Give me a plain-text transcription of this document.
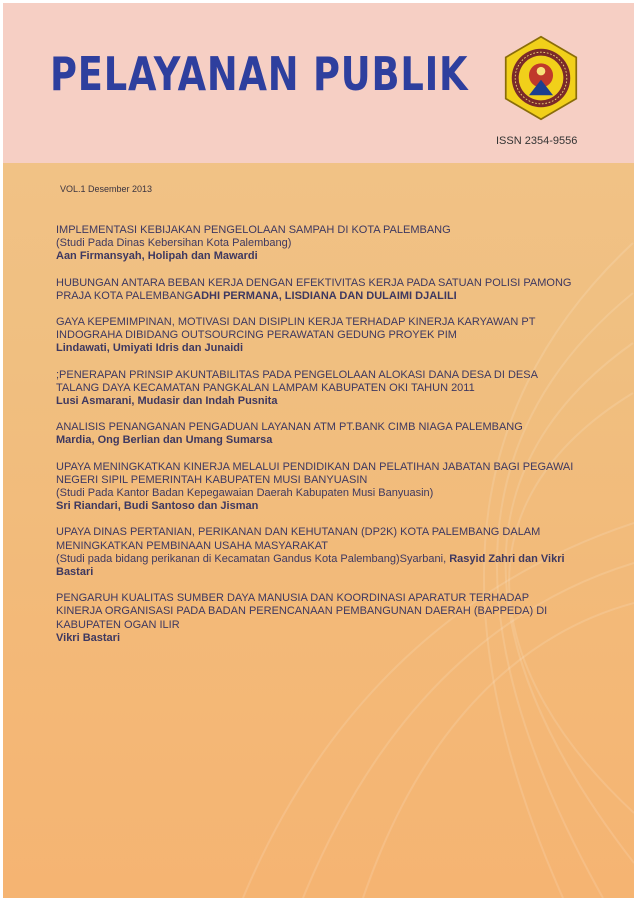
PELAYANAN PUBLIK
ISSN 2354-9556
VOL.1 Desember 2013
IMPLEMENTASI KEBIJAKAN PENGELOLAAN SAMPAH DI KOTA PALEMBANG
(Studi Pada Dinas Kebersihan Kota Palembang)
Aan Firmansyah, Holipah dan Mawardi
HUBUNGAN ANTARA BEBAN KERJA DENGAN EFEKTIVITAS KERJA PADA SATUAN POLISI PAMONG PRAJA KOTA PALEMBANGADHI PERMANA, LISDIANA DAN DULAIMI DJALILI
GAYA KEPEMIMPINAN, MOTIVASI DAN DISIPLIN KERJA TERHADAP KINERJA KARYAWAN PT INDOGRAHA DIBIDANG OUTSOURCING PERAWATAN GEDUNG PROYEK PIM
Lindawati, Umiyati Idris dan Junaidi
;PENERAPAN PRINSIP AKUNTABILITAS PADA PENGELOLAAN ALOKASI DANA DESA DI DESA TALANG DAYA KECAMATAN PANGKALAN LAMPAM KABUPATEN OKI TAHUN 2011
Lusi Asmarani, Mudasir dan Indah Pusnita
ANALISIS PENANGANAN PENGADUAN LAYANAN ATM PT.BANK CIMB NIAGA PALEMBANG
Mardia, Ong Berlian dan Umang Sumarsa
UPAYA MENINGKATKAN KINERJA MELALUI PENDIDIKAN DAN PELATIHAN JABATAN BAGI PEGAWAI NEGERI SIPIL PEMERINTAH KABUPATEN MUSI BANYUASIN
(Studi Pada Kantor Badan Kepegawaian Daerah Kabupaten Musi Banyuasin)
Sri Riandari, Budi Santoso dan Jisman
UPAYA DINAS PERTANIAN, PERIKANAN DAN KEHUTANAN (DP2K) KOTA PALEMBANG DALAM MENINGKATKAN PEMBINAAN USAHA MASYARAKAT
(Studi pada bidang perikanan di Kecamatan Gandus Kota Palembang)Syarbani, Rasyid Zahri dan Vikri Bastari
PENGARUH KUALITAS SUMBER DAYA MANUSIA DAN KOORDINASI APARATUR TERHADAP KINERJA ORGANISASI PADA BADAN PERENCANAAN PEMBANGUNAN DAERAH (BAPPEDA) DI KABUPATEN OGAN ILIR
Vikri Bastari
